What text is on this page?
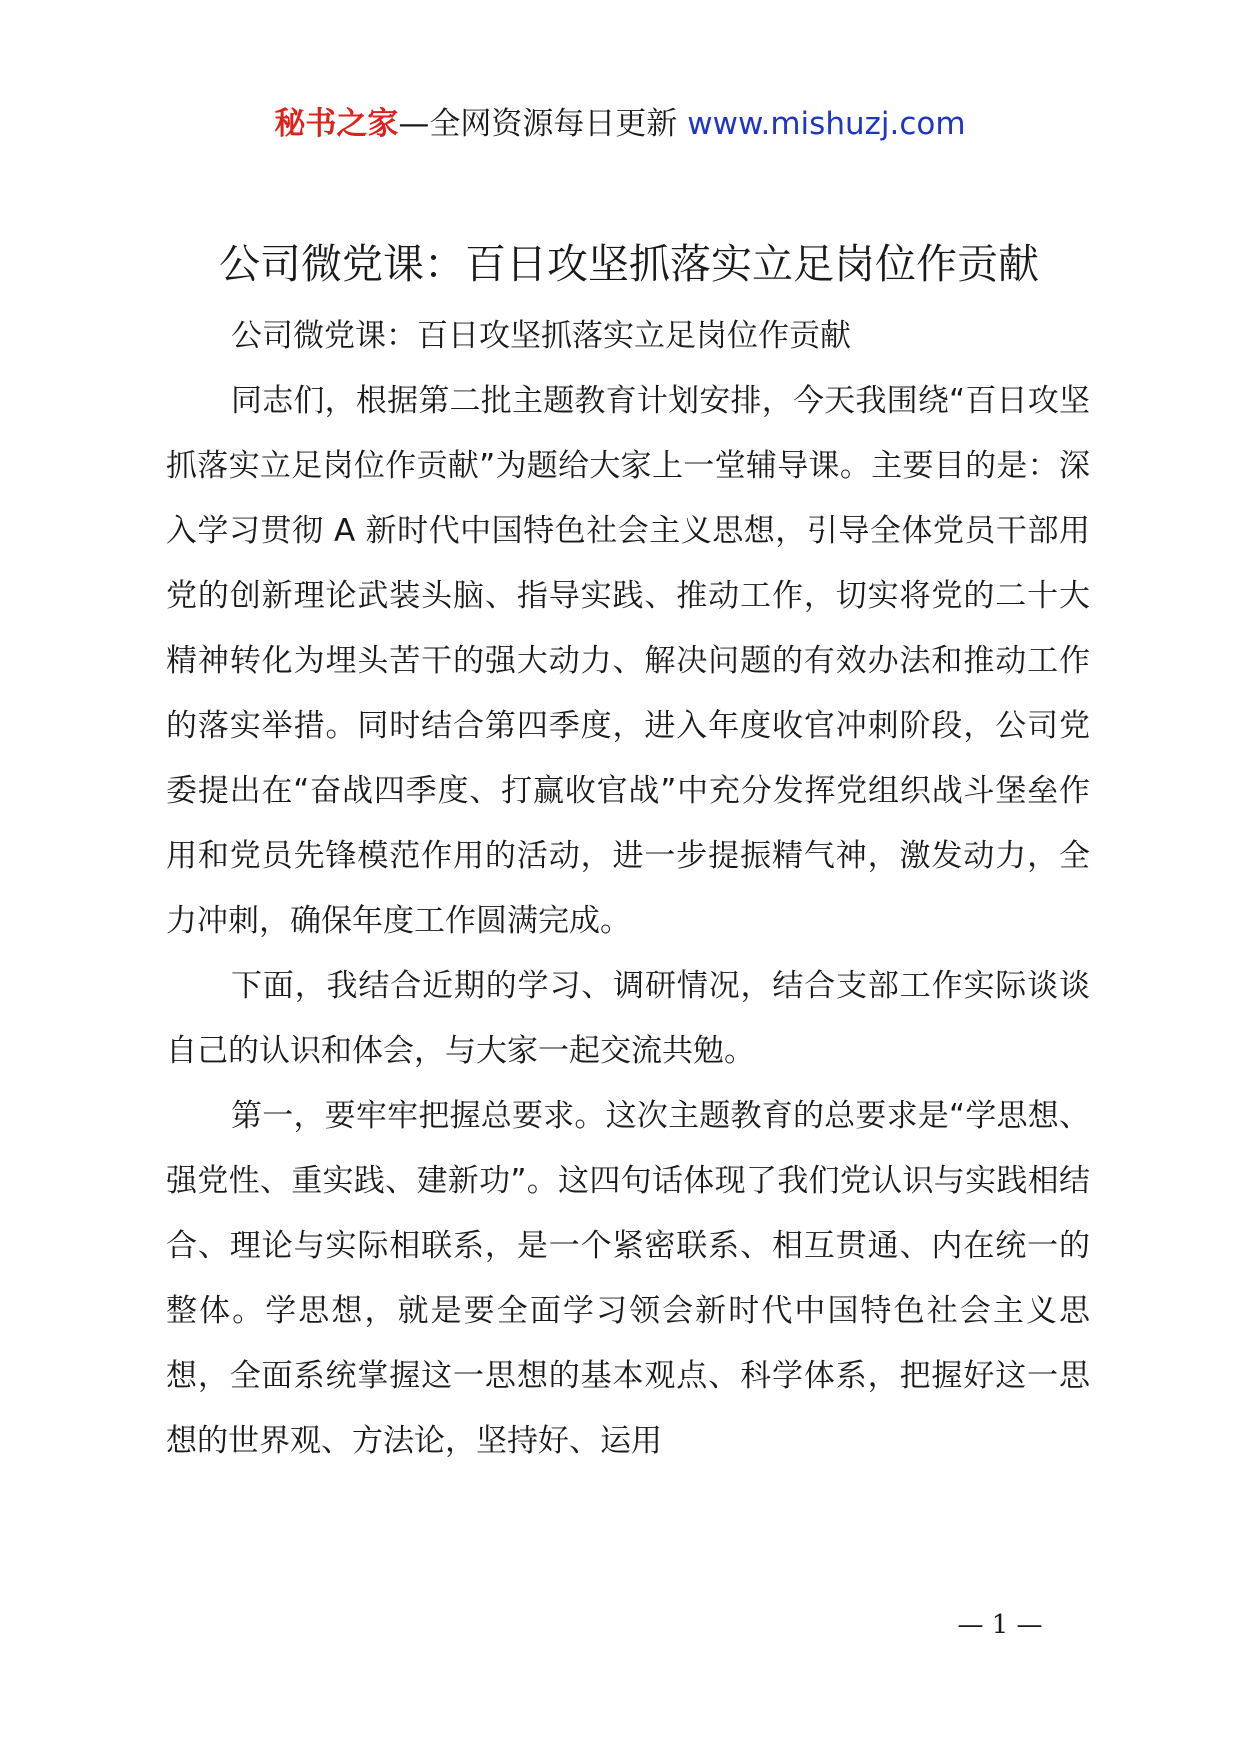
秘书之家—全网资源每日更新 www.mishuzj.com
公司微党课：百日攻坚抓落实立足岗位作贡献

公司微党课：百日攻坚抓落实立足岗位作贡献

同志们，根据第二批主题教育计划安排，今天我围绕“百日攻坚抓落实立足岗位作贡献”为题给大家上一堂辅导课。主要目的是：深入学习贯彻 A 新时代中国特色社会主义思想，引导全体党员干部用党的创新理论武装头脑、指导实践、推动工作，切实将党的二十大精神转化为埋头苦干的强大动力、解决问题的有效办法和推动工作的落实举措。同时结合第四季度，进入年度收官冲刺阶段，公司党委提出在“奋战四季度、打赢收官战”中充分发挥党组织战斗堡垒作用和党员先锋模范作用的活动，进一步提振精气神，激发动力，全力冲刺，确保年度工作圆满完成。

下面，我结合近期的学习、调研情况，结合支部工作实际谈谈自己的认识和体会，与大家一起交流共勉。

第一，要牢牢把握总要求。这次主题教育的总要求是“学思想、强党性、重实践、建新功”。这四句话体现了我们党认识与实践相结合、理论与实际相联系，是一个紧密联系、相互贯通、内在统一的整体。学思想，就是要全面学习领会新时代中国特色社会主义思想，全面系统掌握这一思想的基本观点、科学体系，把握好这一思想的世界观、方法论，坚持好、运用

— 1 —
